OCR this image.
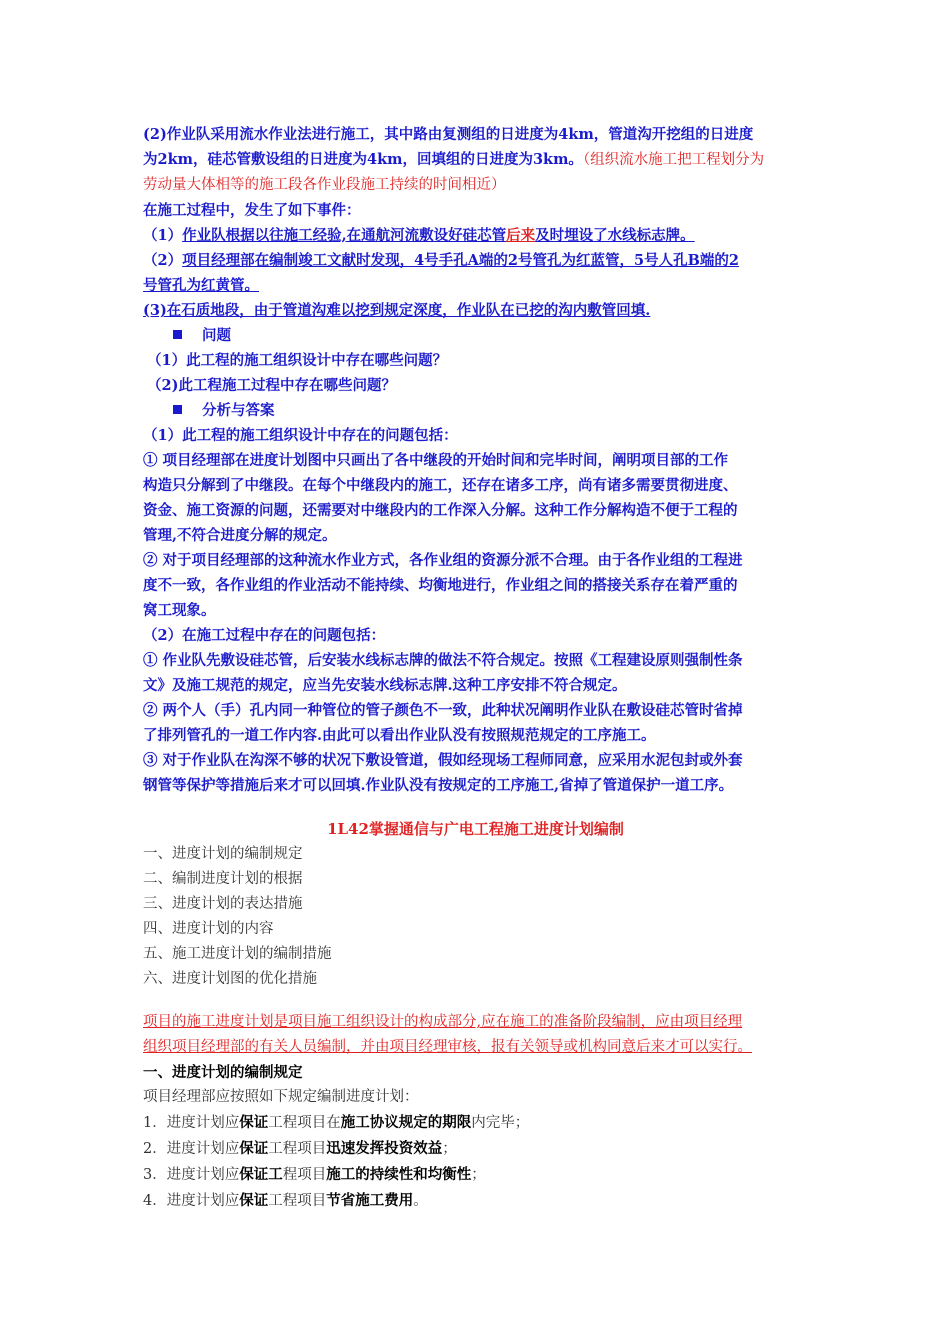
(2)作业队采用流水作业法进行施工，其中路由复测组的日进度为4km，管道沟开挖组的日进度
为2km，硅芯管敷设组的日进度为4km，回填组的日进度为3km。（组织流水施工把工程划分为
劳动量大体相等的施工段各作业段施工持续的时间相近）
在施工过程中，发生了如下事件：
（1）作业队根据以往施工经验,在通航河流敷设好硅芯管后来及时埋设了水线标志牌。
（2）项目经理部在编制竣工文献时发现，4号手孔A端的2号管孔为红蓝管，5号人孔B端的2
号管孔为红黄管。
(3)在石质地段，由于管道沟难以挖到规定深度，作业队在已挖的沟内敷管回填.
问题
（1）此工程的施工组织设计中存在哪些问题？
（2)此工程施工过程中存在哪些问题？
分析与答案
（1）此工程的施工组织设计中存在的问题包括：
① 项目经理部在进度计划图中只画出了各中继段的开始时间和完毕时间，阐明项目部的工作
构造只分解到了中继段。在每个中继段内的施工，还存在诸多工序，尚有诸多需要贯彻进度、
资金、施工资源的问题，还需要对中继段内的工作深入分解。这种工作分解构造不便于工程的
管理,不符合进度分解的规定。
② 对于项目经理部的这种流水作业方式，各作业组的资源分派不合理。由于各作业组的工程进
度不一致，各作业组的作业活动不能持续、均衡地进行，作业组之间的搭接关系存在着严重的
窝工现象。
（2）在施工过程中存在的问题包括：
① 作业队先敷设硅芯管，后安装水线标志牌的做法不符合规定。按照《工程建设原则强制性条
文》及施工规范的规定，应当先安装水线标志牌.这种工序安排不符合规定。
② 两个人（手）孔内同一种管位的管子颜色不一致，此种状况阐明作业队在敷设硅芯管时省掉
了排列管孔的一道工作内容.由此可以看出作业队没有按照规范规定的工序施工。
③ 对于作业队在沟深不够的状况下敷设管道，假如经现场工程师同意，应采用水泥包封或外套
钢管等保护等措施后来才可以回填.作业队没有按规定的工序施工,省掉了管道保护一道工序。
1L42掌握通信与广电工程施工进度计划编制
一、进度计划的编制规定
二、编制进度计划的根据
三、进度计划的表达措施
四、进度计划的内容
五、施工进度计划的编制措施
六、进度计划图的优化措施
项目的施工进度计划是项目施工组织设计的构成部分,应在施工的准备阶段编制，应由项目经理
组织项目经理部的有关人员编制，并由项目经理审核，报有关领导或机构同意后来才可以实行。
一、进度计划的编制规定
项目经理部应按照如下规定编制进度计划：
1．进度计划应保证工程项目在施工协议规定的期限内完毕；
2．进度计划应保证工程项目迅速发挥投资效益；
3．进度计划应保证工程项目施工的持续性和均衡性；
4．进度计划应保证工程项目节省施工费用。
